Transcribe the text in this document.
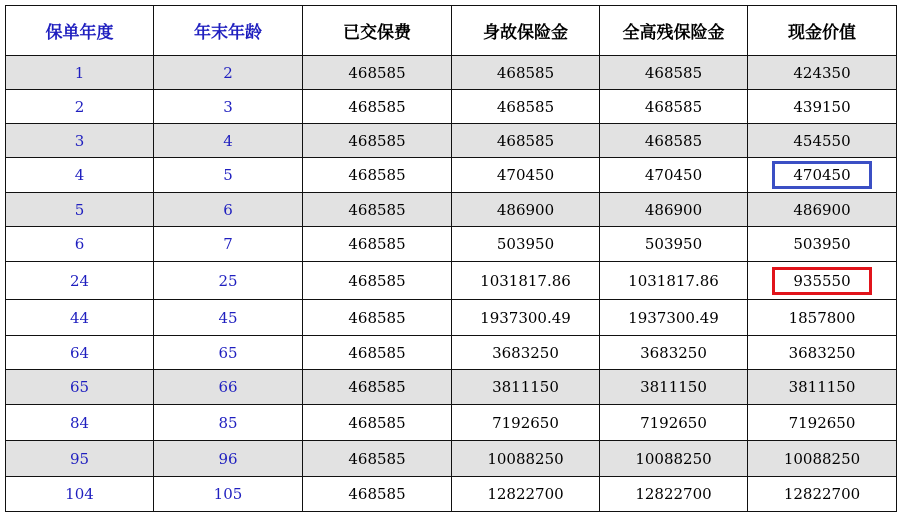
保单年度	年末年龄	已交保费	身故保险金	全高残保险金	现金价值
1	2	468585	468585	468585	424350
2	3	468585	468585	468585	439150
3	4	468585	468585	468585	454550
4	5	468585	470450	470450	470450
5	6	468585	486900	486900	486900
6	7	468585	503950	503950	503950
24	25	468585	1031817.86	1031817.86	935550
44	45	468585	1937300.49	1937300.49	1857800
64	65	468585	3683250	3683250	3683250
65	66	468585	3811150	3811150	3811150
84	85	468585	7192650	7192650	7192650
95	96	468585	10088250	10088250	10088250
104	105	468585	12822700	12822700	12822700
